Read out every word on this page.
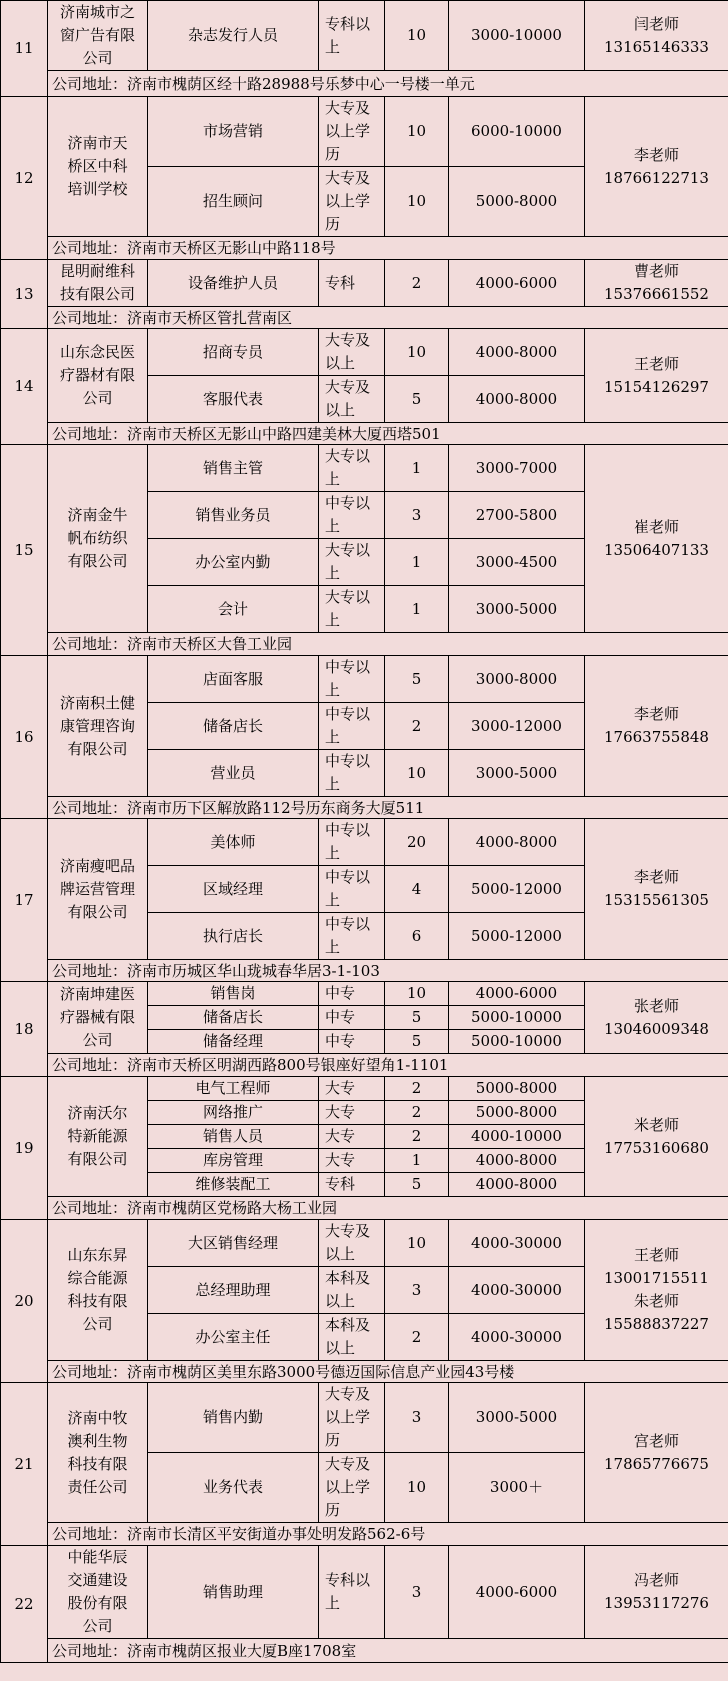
11	济南城市之窗广告有限公司	杂志发行人员	专科以上	10	3000-10000	闫老师
13165146333

	公司地址：济南市槐荫区经十路28988号乐梦中心一号楼一单元					
12	济南市天桥区中科培训学校	市场营销	大专及以上学历	10	6000-10000	李老师
18766122713

		招生顾问	大专及以上学历	10	5000-8000	
	公司地址：济南市天桥区无影山中路118号					
13	昆明耐维科技有限公司	设备维护人员	专科	2	4000-6000	曹老师
15376661552

	公司地址：济南市天桥区管扎营南区					
14	山东念民医疗器材有限公司	招商专员	大专及以上	10	4000-8000	王老师
15154126297

		客服代表	大专及以上	5	4000-8000	
	公司地址：济南市天桥区无影山中路四建美林大厦西塔501					
15	济南金牛帆布纺织有限公司	销售主管	大专以上	1	3000-7000	崔老师
13506407133

		销售业务员	中专以上	3	2700-5800	
		办公室内勤	大专以上	1	3000-4500	
		会计	大专以上	1	3000-5000	
	公司地址：济南市天桥区大鲁工业园					
16	济南积土健康管理咨询有限公司	店面客服	中专以上	5	3000-8000	李老师
17663755848

		储备店长	中专以上	2	3000-12000	
		营业员	中专以上	10	3000-5000	
	公司地址：济南市历下区解放路112号历东商务大厦511					
17	济南瘦吧品牌运营管理有限公司	美体师	中专以上	20	4000-8000	李老师
15315561305

		区域经理	中专以上	4	5000-12000	
		执行店长	中专以上	6	5000-12000	
	公司地址：济南市历城区华山珑城春华居3-1-103					
18	济南坤建医疗器械有限公司	销售岗	中专	10	4000-6000	张老师
13046009348

		储备店长	中专	5	5000-10000	
		储备经理	中专	5	5000-10000	
	公司地址：济南市天桥区明湖西路800号银座好望角1-1101					
19	济南沃尔特新能源有限公司	电气工程师	大专	2	5000-8000	米老师
17753160680

		网络推广	大专	2	5000-8000	
		销售人员	大专	2	4000-10000	
		库房管理	大专	1	4000-8000	
		维修装配工	专科	5	4000-8000	
	公司地址：济南市槐荫区党杨路大杨工业园					
20	山东东昇综合能源科技有限公司	大区销售经理	大专及以上	10	4000-30000	王老师
13001715511
朱老师
15588837227

		总经理助理	本科及以上	3	4000-30000	
		办公室主任	本科及以上	2	4000-30000	
	公司地址：济南市槐荫区美里东路3000号德迈国际信息产业园43号楼					
21	济南中牧澳利生物科技有限责任公司	销售内勤	大专及以上学历	3	3000-5000	宫老师
17865776675

		业务代表	大专及以上学历	10	3000＋	
	公司地址：济南市长清区平安街道办事处明发路562-6号					
22	中能华辰交通建设股份有限公司	销售助理	专科以上	3	4000-6000	冯老师
13953117276

	公司地址：济南市槐荫区报业大厦B座1708室					
